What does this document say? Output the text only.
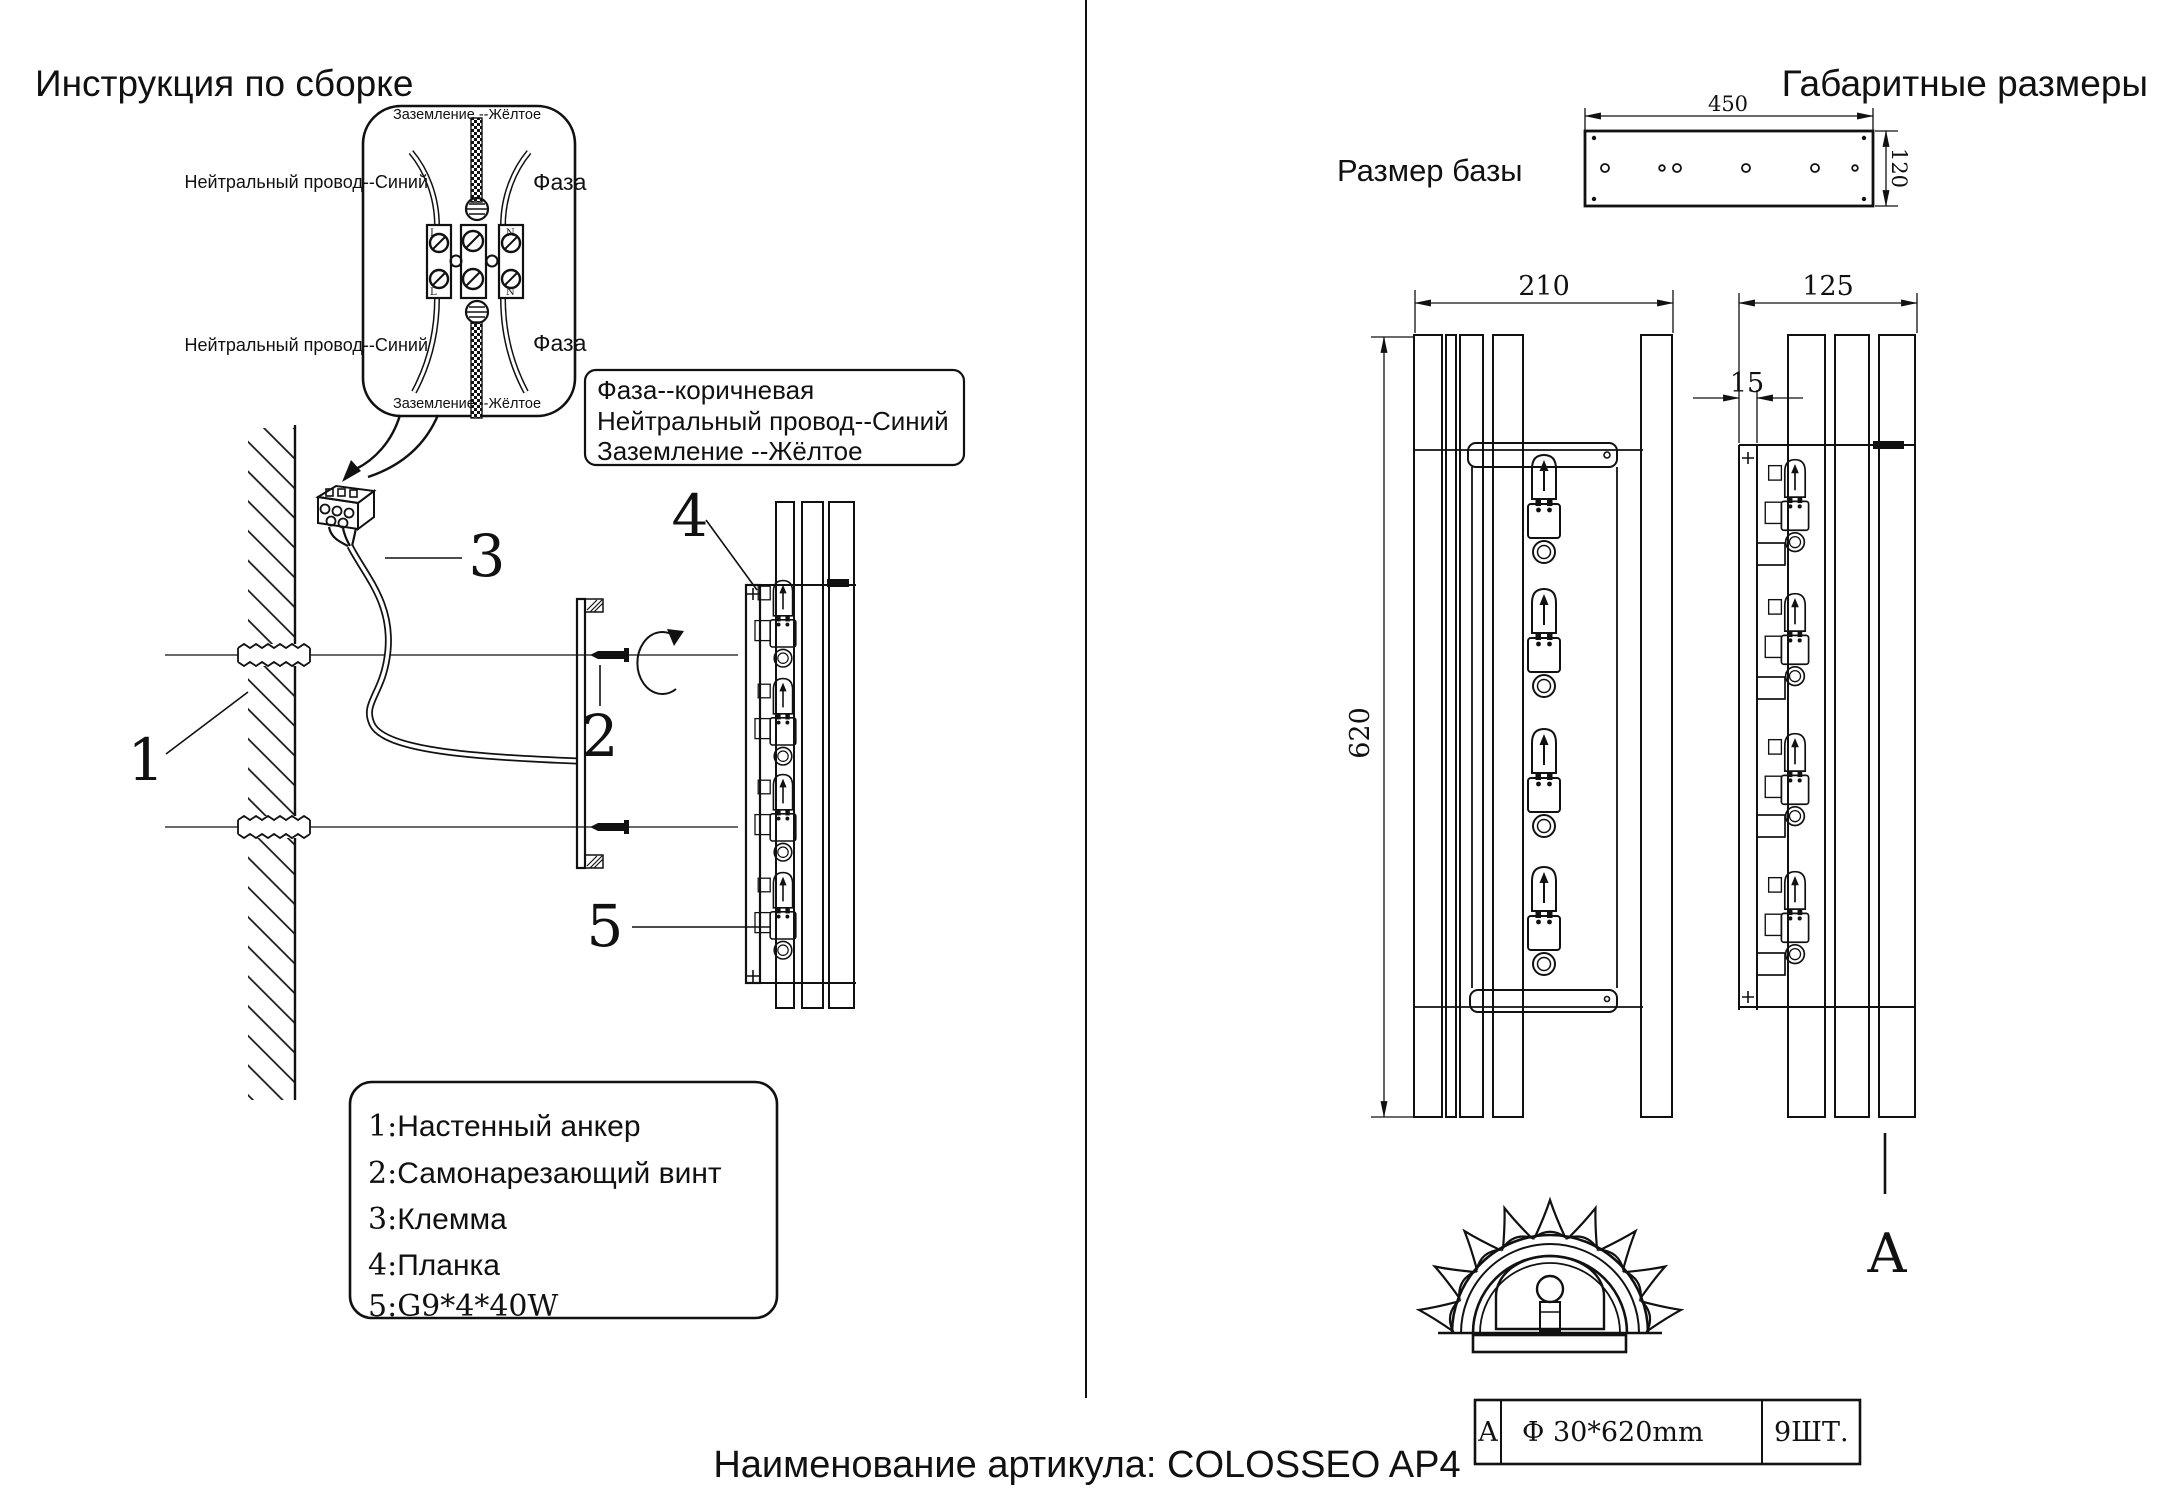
Инструкция по сборке
L
L
N
N
Заземление --Жёлтое
Заземление --Жёлтое
Нейтральный провод--Синий
Нейтральный провод--Синий
Фаза
Фаза
Фаза--коричневая
Нейтральный провод--Синий
Заземление --Жёлтое
1	2
3
4
5
1:Настенный анкер
2:Самонарезающий винт
3:Клемма
4:Планка
5:G9*4*40W
Габаритные размеры
Размер базы
450
120
210
620
125
15
A
A Ф 30*620mm	9ШТ.
Наименование артикула: COLOSSEO AP4
